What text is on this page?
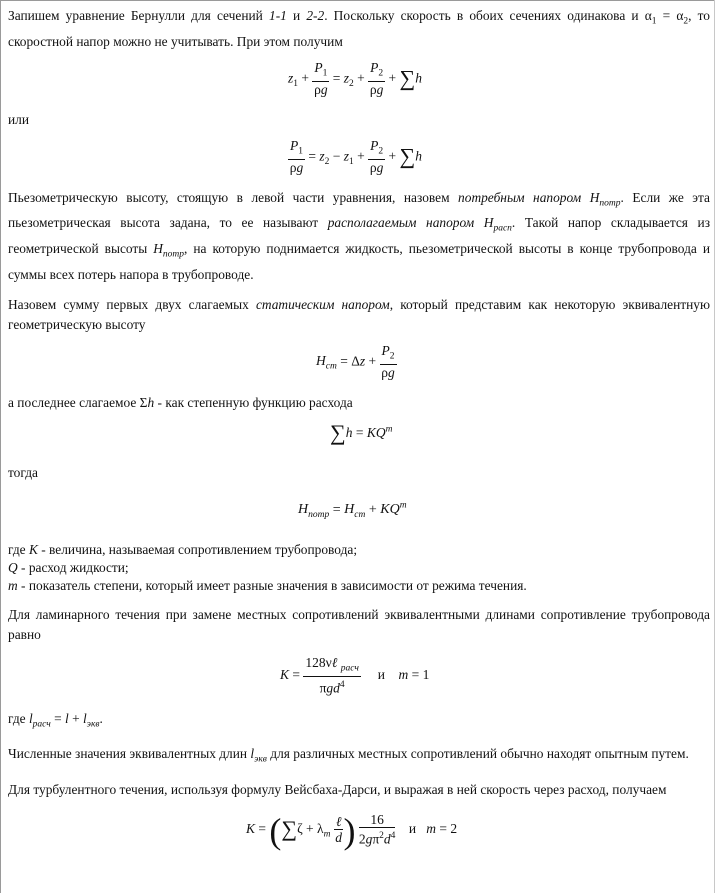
Запишем уравнение Бернулли для сечений 1-1 и 2-2. Поскольку скорость в обоих сечениях одинакова и $\alpha_1 = \alpha_2$, то скоростной напор можно не учитывать. При этом получим

$z_1 + \frac{P_1}{\rho g} = z_2 + \frac{P_2}{\rho g} + \sum h$

или

$\frac{P_1}{\rho g} = z_2 - z_1 + \frac{P_2}{\rho g} + \sum h$

Пьезометрическую высоту, стоящую в левой части уравнения, назовем потребным напором $H_{потр}$. Если же эта пьезометрическая высота задана, то ее называют располагаемым напором $H_{расп}$. Такой напор складывается из геометрической высоты $H_{потр}$, на которую поднимается жидкость, пьезометрической высоты в конце трубопровода и суммы всех потерь напора в трубопроводе.

Назовем сумму первых двух слагаемых статическим напором, который представим как некоторую эквивалентную геометрическую высоту

$H_{ст} = \Delta z + \frac{P_2}{\rho g}$

а последнее слагаемое Σh - как степенную функцию расхода

$\sum h = KQ^m$

тогда

$H_{потр} = H_{ст} + KQ^m$

где K - величина, называемая сопротивлением трубопровода;

Q - расход жидкости;

m - показатель степени, который имеет разные значения в зависимости от режима течения.

Для ламинарного течения при замене местных сопротивлений эквивалентными длинами сопротивление трубопровода равно

$K = \frac{128\nu\ell _{расч}}{\pi gd^4}$ и    m = 1

где $l_{расч} = l + l_{экв}$.

Численные значения эквивалентных длин $l_{экв}$ для различных местных сопротивлений обычно находят опытным путем.

Для турбулентного течения, используя формулу Вейсбаха-Дарси, и выражая в ней скорость через расход, получаем

$K = (\sum\zeta + \lambda_т \frac{\text{ℓ}}{d}$ ) $\frac{16}{2g\pi^2d^4}$ и   m = 2
